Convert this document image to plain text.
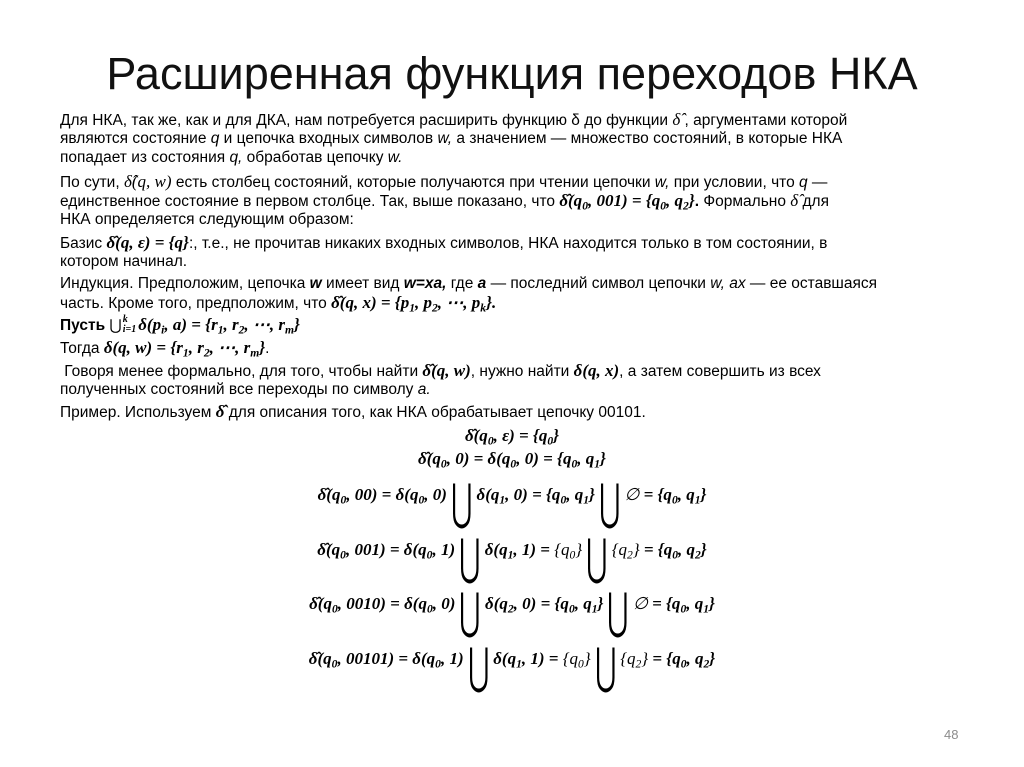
Расширенная функция переходов НКА
Для НКА, так же, как и для ДКА, нам потребуется расширить функцию δ до функции δ̂ , аргументами которой
являются состояние q и цепочка входных символов w, а значением — множество состояний, в которые НКА
попадает из состояния q, обработав цепочку w.
По сути, δ̂(q, w) есть столбец состояний, которые получаются при чтении цепочки w, при условии, что q —
единственное состояние в первом столбце. Так, выше показано, что $\deltâ(q_0$, $001) = \{q_0$, $q_2$}. Формально δ̂ для
НКА определяется следующим образом:
Базис δ̂(q, ε) = {q}:, т.е., не прочитав никаких входных символов, НКА находится только в том состоянии, в
котором начинал.
Индукция. Предположим, цепочка w имеет вид w=xa, где a — последний символ цепочки w, ax — ее оставшаяся
часть. Кроме того, предположим, что δ̂(q, $x) = \{p_1$, $p_2$, ⋯, $p_k$}.
Пусть ⋃ k
i=1 $\delta(p_i$, $a) = \{r_1$, $r_2$, ⋯, $r_m$}
Тогда δ(q, $w) = \{r_1$, $r_2$, ⋯, $r_m$}.
Говоря менее формально, для того, чтобы найти δ̂(q, w), нужно найти δ(q, x), а затем совершить из всех
полученных состояний все переходы по символу a.
Пример. Используем δ̂ для описания того, как НКА обрабатывает цепочку 00101.
$\deltâ(q_0$, $\varepsilon) = \{q_0\}$
$\deltâ(q_0$, $0) = \delta(q_0$, $0) = \{q_0$, $q_1$}
$\deltâ(q_0$, $00) = \delta(q_0$, 0) ⋃ $\delta(q_1$, $0) = \{q_0$, $q_1$} ⋃ ∅ = {$q_0$, $q_1$}
$\deltâ(q_0$, $001) = \delta(q_0$, 1) ⋃ $\delta(q_1$, $1) = \{q_0\}$ ⋃ $\{q_2\} = \{q_0$, $q_2$}
$\deltâ(q_0$, $0010) = \delta(q_0$, 0) ⋃ $\delta(q_2$, $0) = \{q_0$, $q_1$} ⋃ ∅ = {$q_0$, $q_1$}
$\deltâ(q_0$, $00101) = \delta(q_0$, 1) ⋃ $\delta(q_1$, $1) = \{q_0\}$ ⋃ $\{q_2\} = \{q_0$, $q_2$}
48
